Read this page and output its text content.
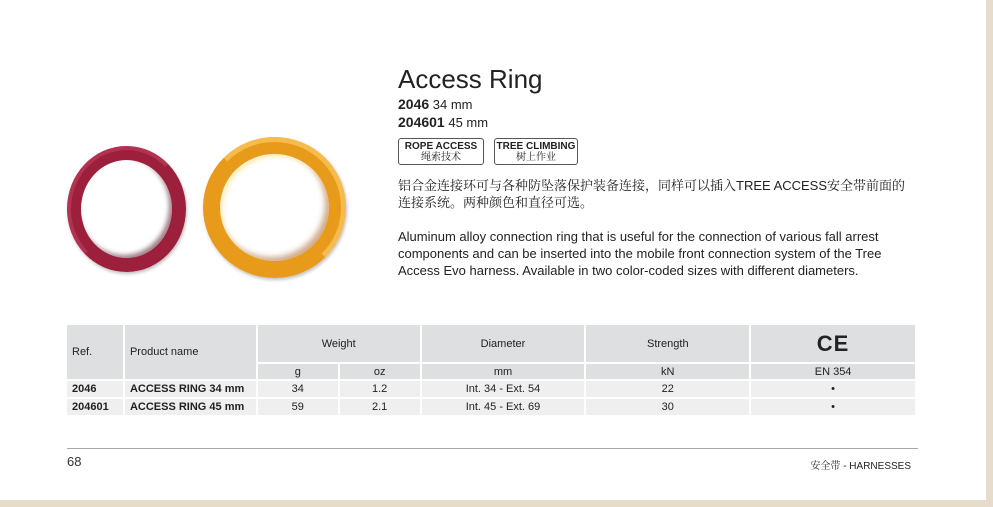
Access Ring
2046 34 mm
204601 45 mm
ROPE ACCESS
绳索技术
TREE CLIMBING
树上作业
铝合金连接环可与各种防坠落保护装备连接，同样可以插入TREE ACCESS安全带前面的连接系统。两种颜色和直径可选。
Aluminum alloy connection ring that is useful for the connection of various fall arrest components and can be inserted into the mobile front connection system of the Tree Access Evo harness. Available in two color-coded sizes with different diameters.
Ref.	Product name	Weight		Diameter	Strength	CE
		g	oz	mm	kN	EN 354
2046	ACCESS RING 34 mm	34	1.2	Int. 34 - Ext. 54	22	•
204601	ACCESS RING 45 mm	59	2.1	Int. 45 - Ext. 69	30	•
68	安全带 - HARNESSES
